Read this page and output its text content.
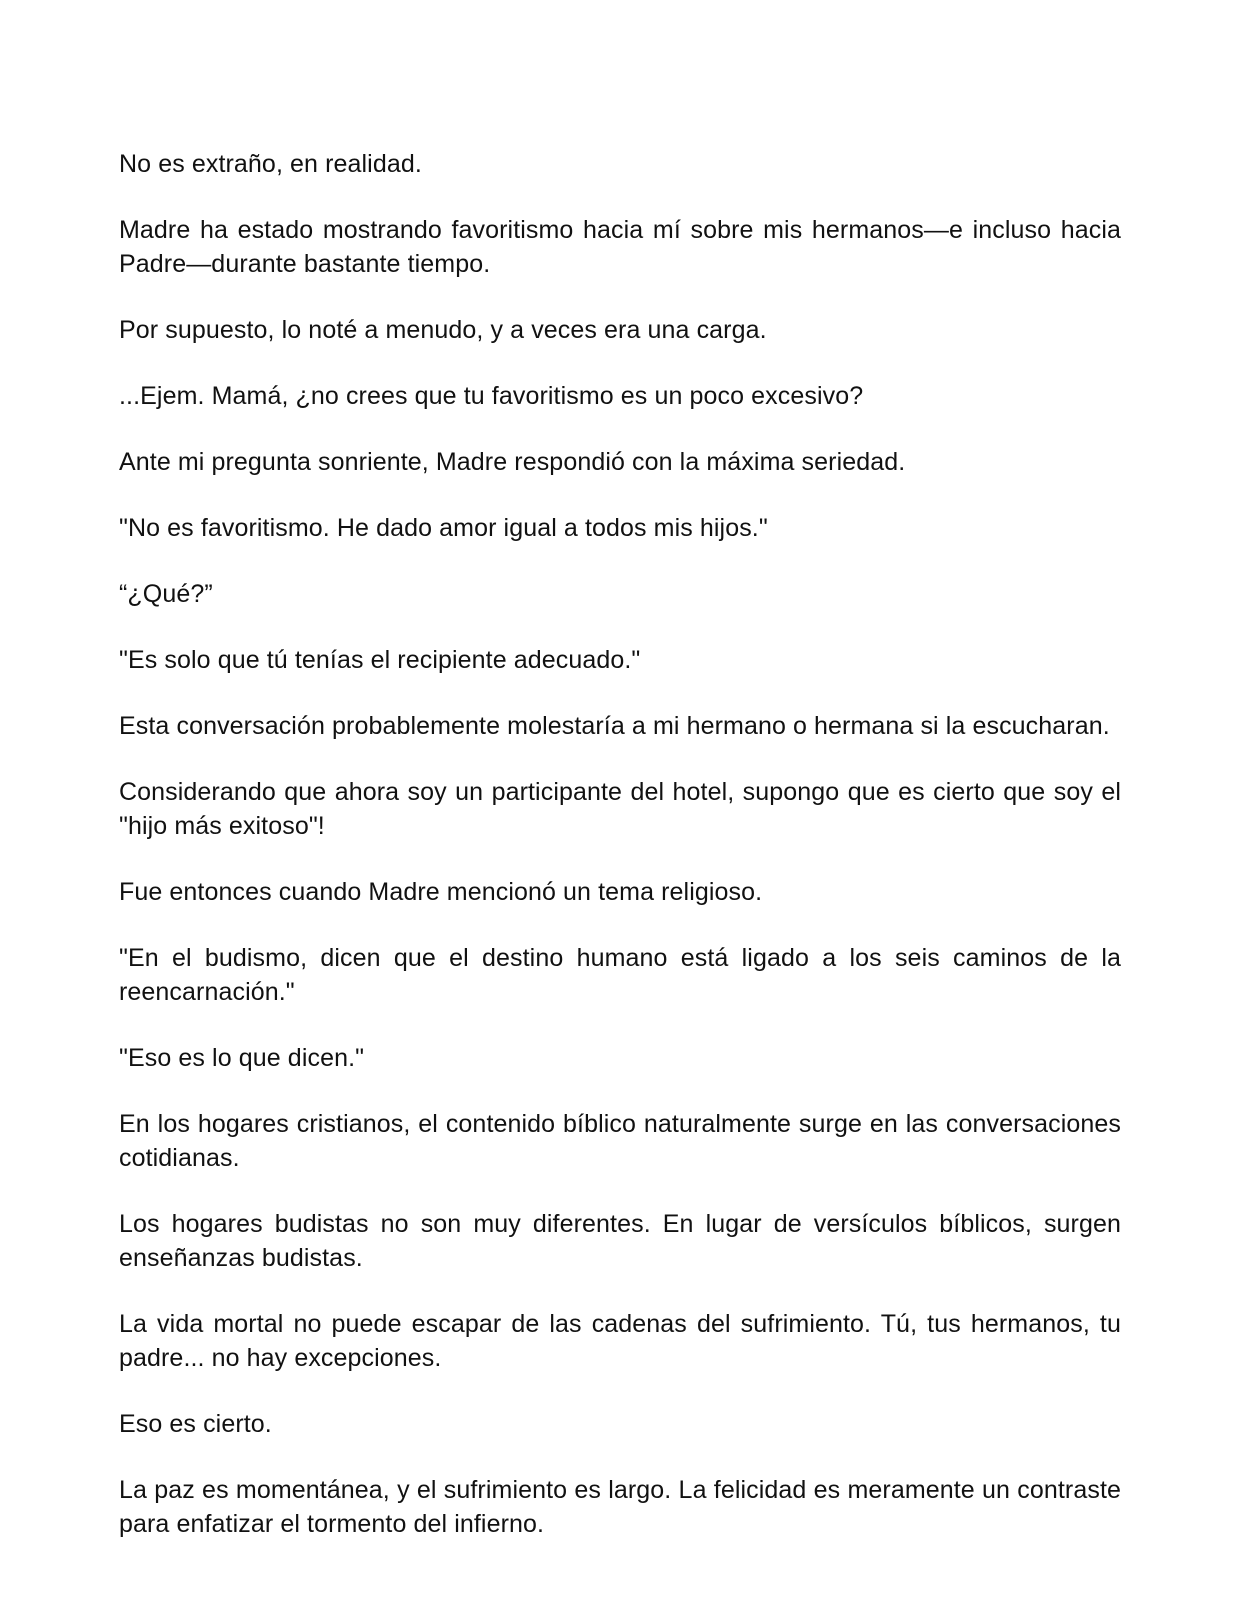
No es extraño, en realidad.

Madre ha estado mostrando favoritismo hacia mí sobre mis hermanos—e incluso hacia Padre—durante bastante tiempo.

Por supuesto, lo noté a menudo, y a veces era una carga.

...Ejem. Mamá, ¿no crees que tu favoritismo es un poco excesivo?

Ante mi pregunta sonriente, Madre respondió con la máxima seriedad.

"No es favoritismo. He dado amor igual a todos mis hijos."

“¿Qué?”

"Es solo que tú tenías el recipiente adecuado."

Esta conversación probablemente molestaría a mi hermano o hermana si la escucharan.

Considerando que ahora soy un participante del hotel, supongo que es cierto que soy el "hijo más exitoso"!

Fue entonces cuando Madre mencionó un tema religioso.

"En el budismo, dicen que el destino humano está ligado a los seis caminos de la reencarnación."

"Eso es lo que dicen."

En los hogares cristianos, el contenido bíblico naturalmente surge en las conversaciones cotidianas.

Los hogares budistas no son muy diferentes. En lugar de versículos bíblicos, surgen enseñanzas budistas.

La vida mortal no puede escapar de las cadenas del sufrimiento. Tú, tus hermanos, tu padre... no hay excepciones.

Eso es cierto.

La paz es momentánea, y el sufrimiento es largo. La felicidad es meramente un contraste para enfatizar el tormento del infierno.
